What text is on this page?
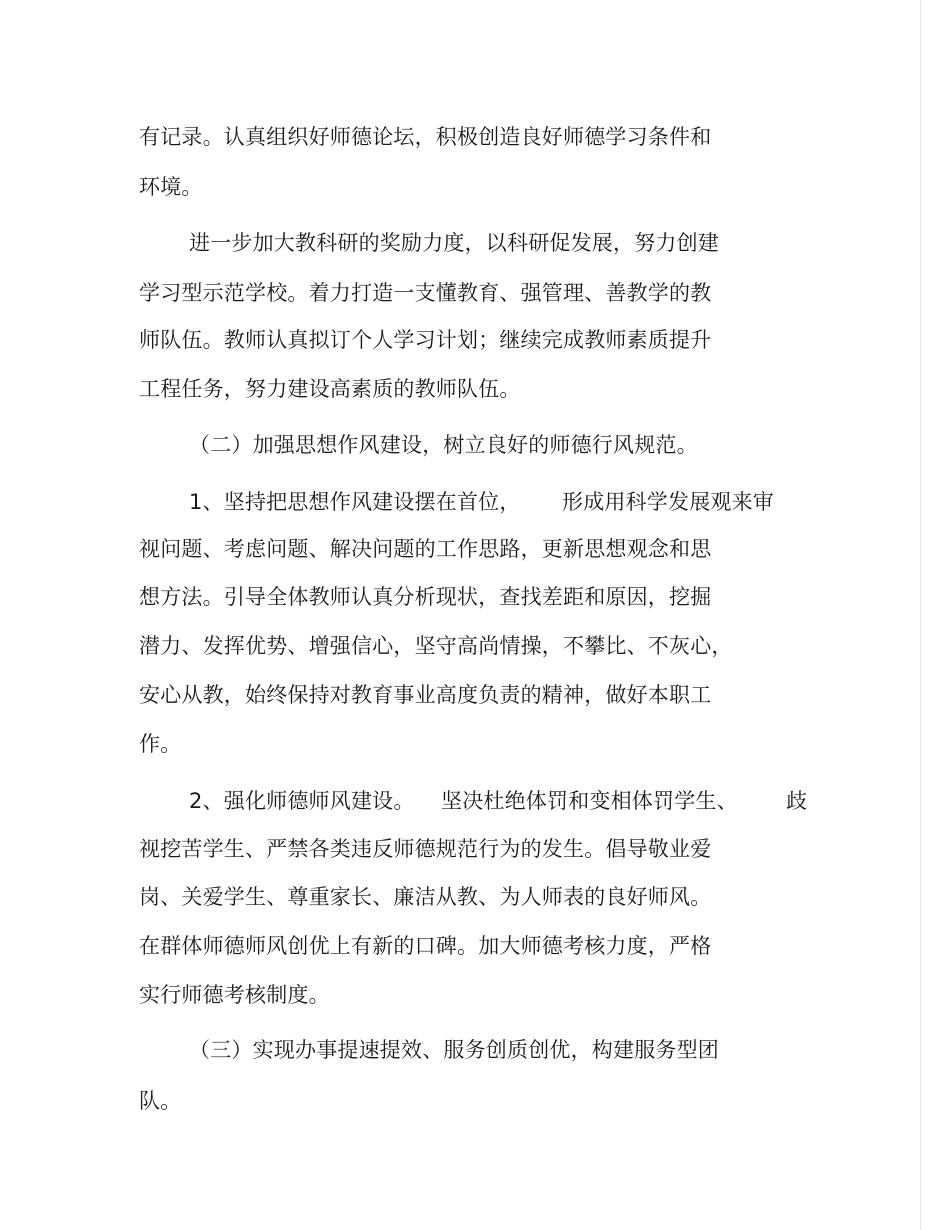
有记录。认真组织好师德论坛，积极创造良好师德学习条件和
环境。
进一步加大教科研的奖励力度，以科研促发展，努力创建
学习型示范学校。着力打造一支懂教育、强管理、善教学的教
师队伍。教师认真拟订个人学习计划；继续完成教师素质提升
工程任务，努力建设高素质的教师队伍。
（二）加强思想作风建设，树立良好的师德行风规范。
1、坚持把思想作风建设摆在首位， 形成用科学发展观来审
视问题、考虑问题、解决问题的工作思路，更新思想观念和思
想方法。引导全体教师认真分析现状，查找差距和原因，挖掘
潜力、发挥优势、增强信心，坚守高尚情操，不攀比、不灰心，
安心从教，始终保持对教育事业高度负责的精神，做好本职工
作。
2、强化师德师风建设。 坚决杜绝体罚和变相体罚学生、 歧
视挖苦学生、严禁各类违反师德规范行为的发生。倡导敬业爱
岗、关爱学生、尊重家长、廉洁从教、为人师表的良好师风。
在群体师德师风创优上有新的口碑。加大师德考核力度，严格
实行师德考核制度。
（三）实现办事提速提效、服务创质创优，构建服务型团
队。
